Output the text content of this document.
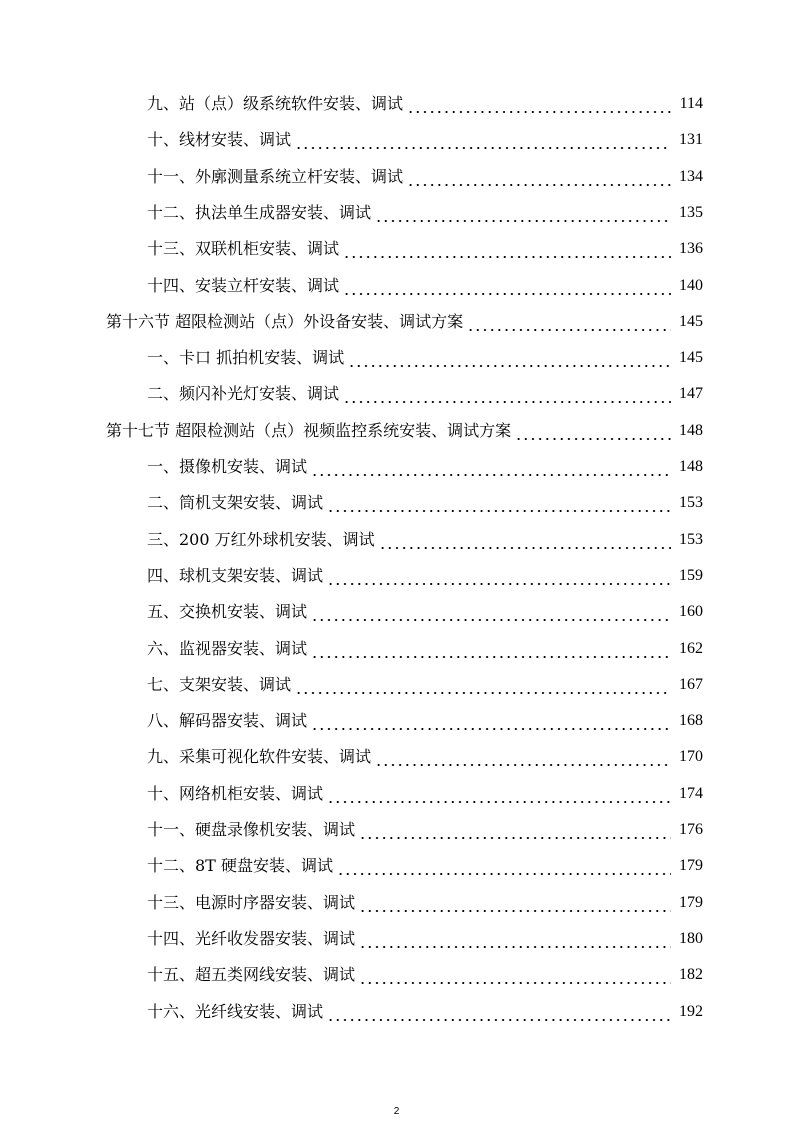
九、站（点）级系统软件安装、调试	114
十、线材安装、调试	131
十一、外廓测量系统立杆安装、调试	134
十二、执法单生成器安装、调试	135
十三、双联机柜安装、调试	136
十四、安装立杆安装、调试	140
第十六节 超限检测站（点）外设备安装、调试方案	145
一、卡口 抓拍机安装、调试	145
二、频闪补光灯安装、调试	147
第十七节 超限检测站（点）视频监控系统安装、调试方案	148
一、摄像机安装、调试	148
二、筒机支架安装、调试	153
三、200 万红外球机安装、调试	153
四、球机支架安装、调试	159
五、交换机安装、调试	160
六、监视器安装、调试	162
七、支架安装、调试	167
八、解码器安装、调试	168
九、采集可视化软件安装、调试	170
十、网络机柜安装、调试	174
十一、硬盘录像机安装、调试	176
十二、8T 硬盘安装、调试	179
十三、电源时序器安装、调试	179
十四、光纤收发器安装、调试	180
十五、超五类网线安装、调试	182
十六、光纤线安装、调试	192
2
